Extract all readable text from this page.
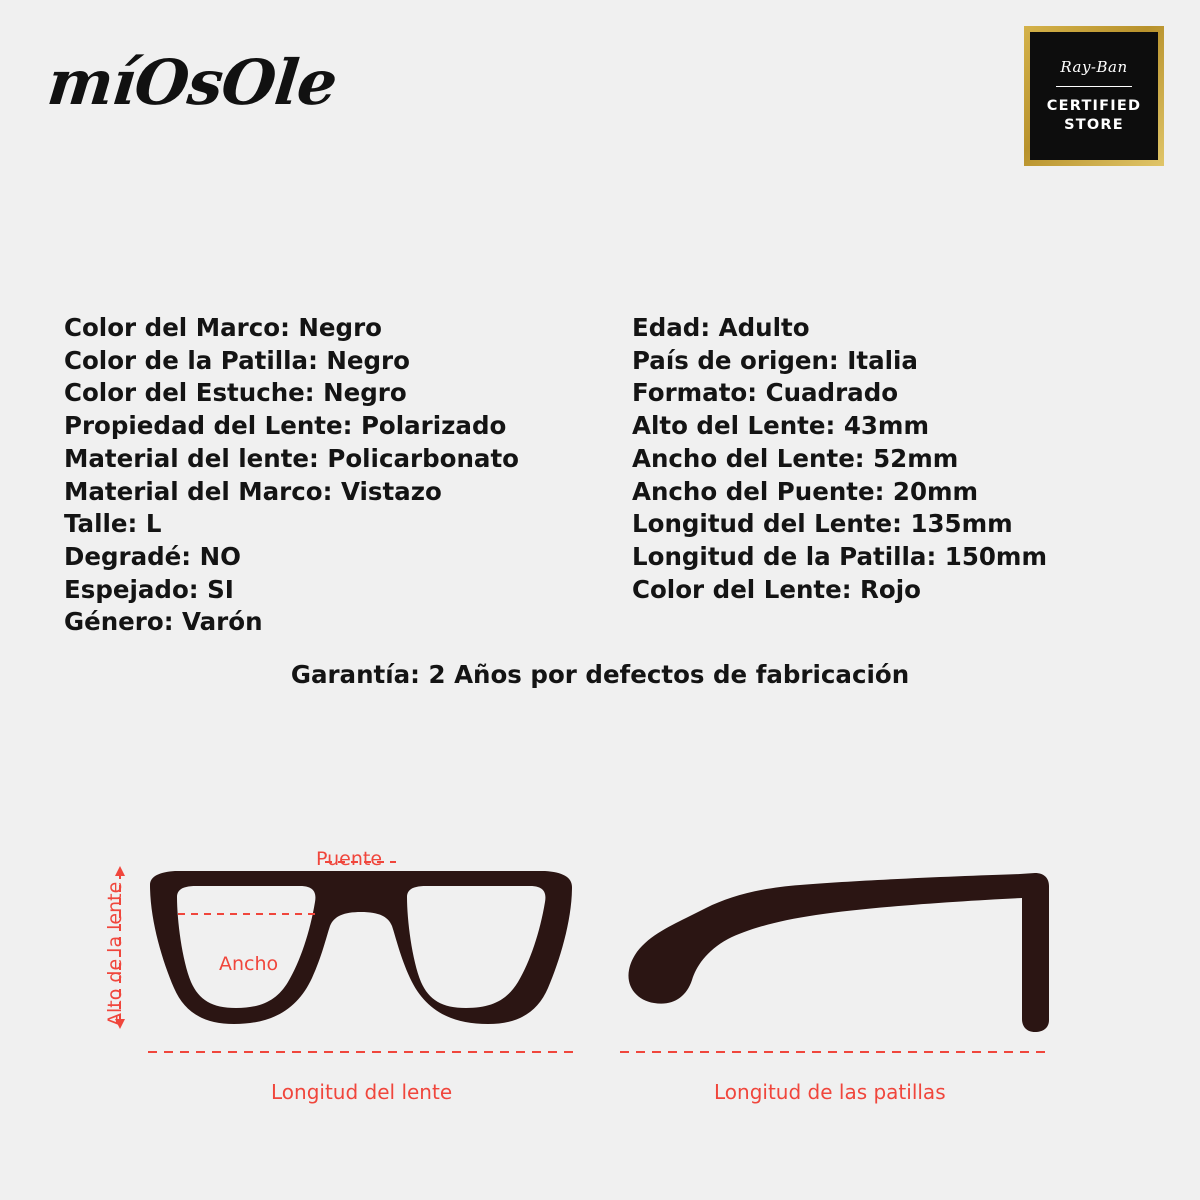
míOsOle	Ray-Ban
CERTIFIED
STORE
Color del Marco: Negro
Color de la Patilla: Negro
Color del Estuche: Negro
Propiedad del Lente: Polarizado
Material del lente: Policarbonato
Material del Marco: Vistazo
Talle: L
Degradé: NO
Espejado: SI
Género: Varón
Edad: Adulto
País de origen: Italia
Formato: Cuadrado
Alto del Lente: 43mm
Ancho del Lente: 52mm
Ancho del Puente: 20mm
Longitud del Lente: 135mm
Longitud de la Patilla: 150mm
Color del Lente: Rojo
Garantía: 2 Años por defectos de fabricación
Puente
Ancho
Alto de la lente
Longitud del lente	Longitud de las patillas
